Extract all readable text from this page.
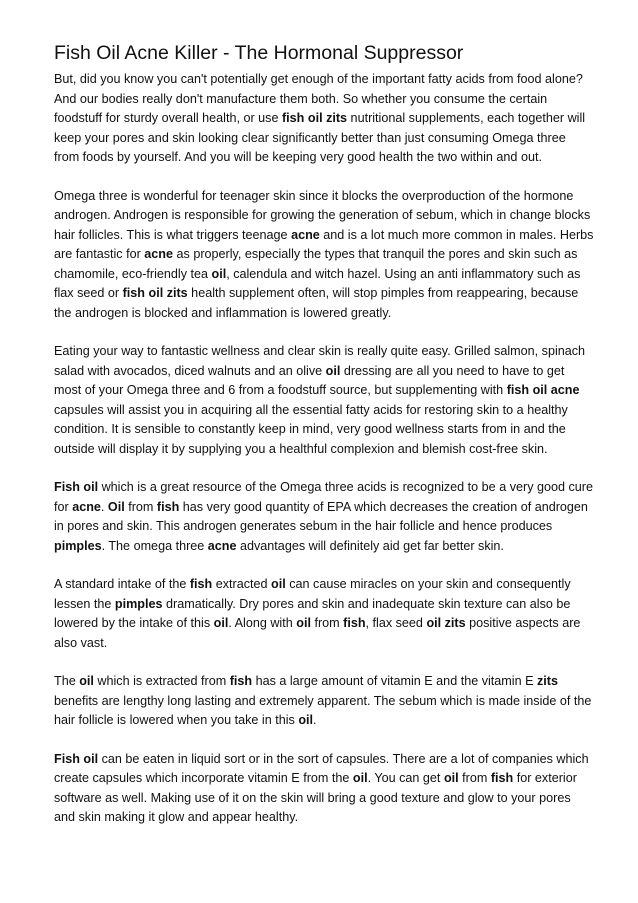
Fish Oil Acne Killer - The Hormonal Suppressor

But, did you know you can't potentially get enough of the important fatty acids from food alone? And our bodies really don't manufacture them both. So whether you consume the certain foodstuff for sturdy overall health, or use fish oil zits nutritional supplements, each together will keep your pores and skin looking clear significantly better than just consuming Omega three from foods by yourself. And you will be keeping very good health the two within and out.

Omega three is wonderful for teenager skin since it blocks the overproduction of the hormone androgen. Androgen is responsible for growing the generation of sebum, which in change blocks hair follicles. This is what triggers teenage acne and is a lot much more common in males. Herbs are fantastic for acne as properly, especially the types that tranquil the pores and skin such as chamomile, eco-friendly tea oil, calendula and witch hazel. Using an anti inflammatory such as flax seed or fish oil zits health supplement often, will stop pimples from reappearing, because the androgen is blocked and inflammation is lowered greatly.

Eating your way to fantastic wellness and clear skin is really quite easy. Grilled salmon, spinach salad with avocados, diced walnuts and an olive oil dressing are all you need to have to get most of your Omega three and 6 from a foodstuff source, but supplementing with fish oil acne capsules will assist you in acquiring all the essential fatty acids for restoring skin to a healthy condition. It is sensible to constantly keep in mind, very good wellness starts from in and the outside will display it by supplying you a healthful complexion and blemish cost-free skin.

Fish oil which is a great resource of the Omega three acids is recognized to be a very good cure for acne. Oil from fish has very good quantity of EPA which decreases the creation of androgen in pores and skin. This androgen generates sebum in the hair follicle and hence produces pimples. The omega three acne advantages will definitely aid get far better skin.

A standard intake of the fish extracted oil can cause miracles on your skin and consequently lessen the pimples dramatically. Dry pores and skin and inadequate skin texture can also be lowered by the intake of this oil. Along with oil from fish, flax seed oil zits positive aspects are also vast.

The oil which is extracted from fish has a large amount of vitamin E and the vitamin E zits benefits are lengthy long lasting and extremely apparent. The sebum which is made inside of the hair follicle is lowered when you take in this oil.

Fish oil can be eaten in liquid sort or in the sort of capsules. There are a lot of companies which create capsules which incorporate vitamin E from the oil. You can get oil from fish for exterior software as well. Making use of it on the skin will bring a good texture and glow to your pores and skin making it glow and appear healthy.
